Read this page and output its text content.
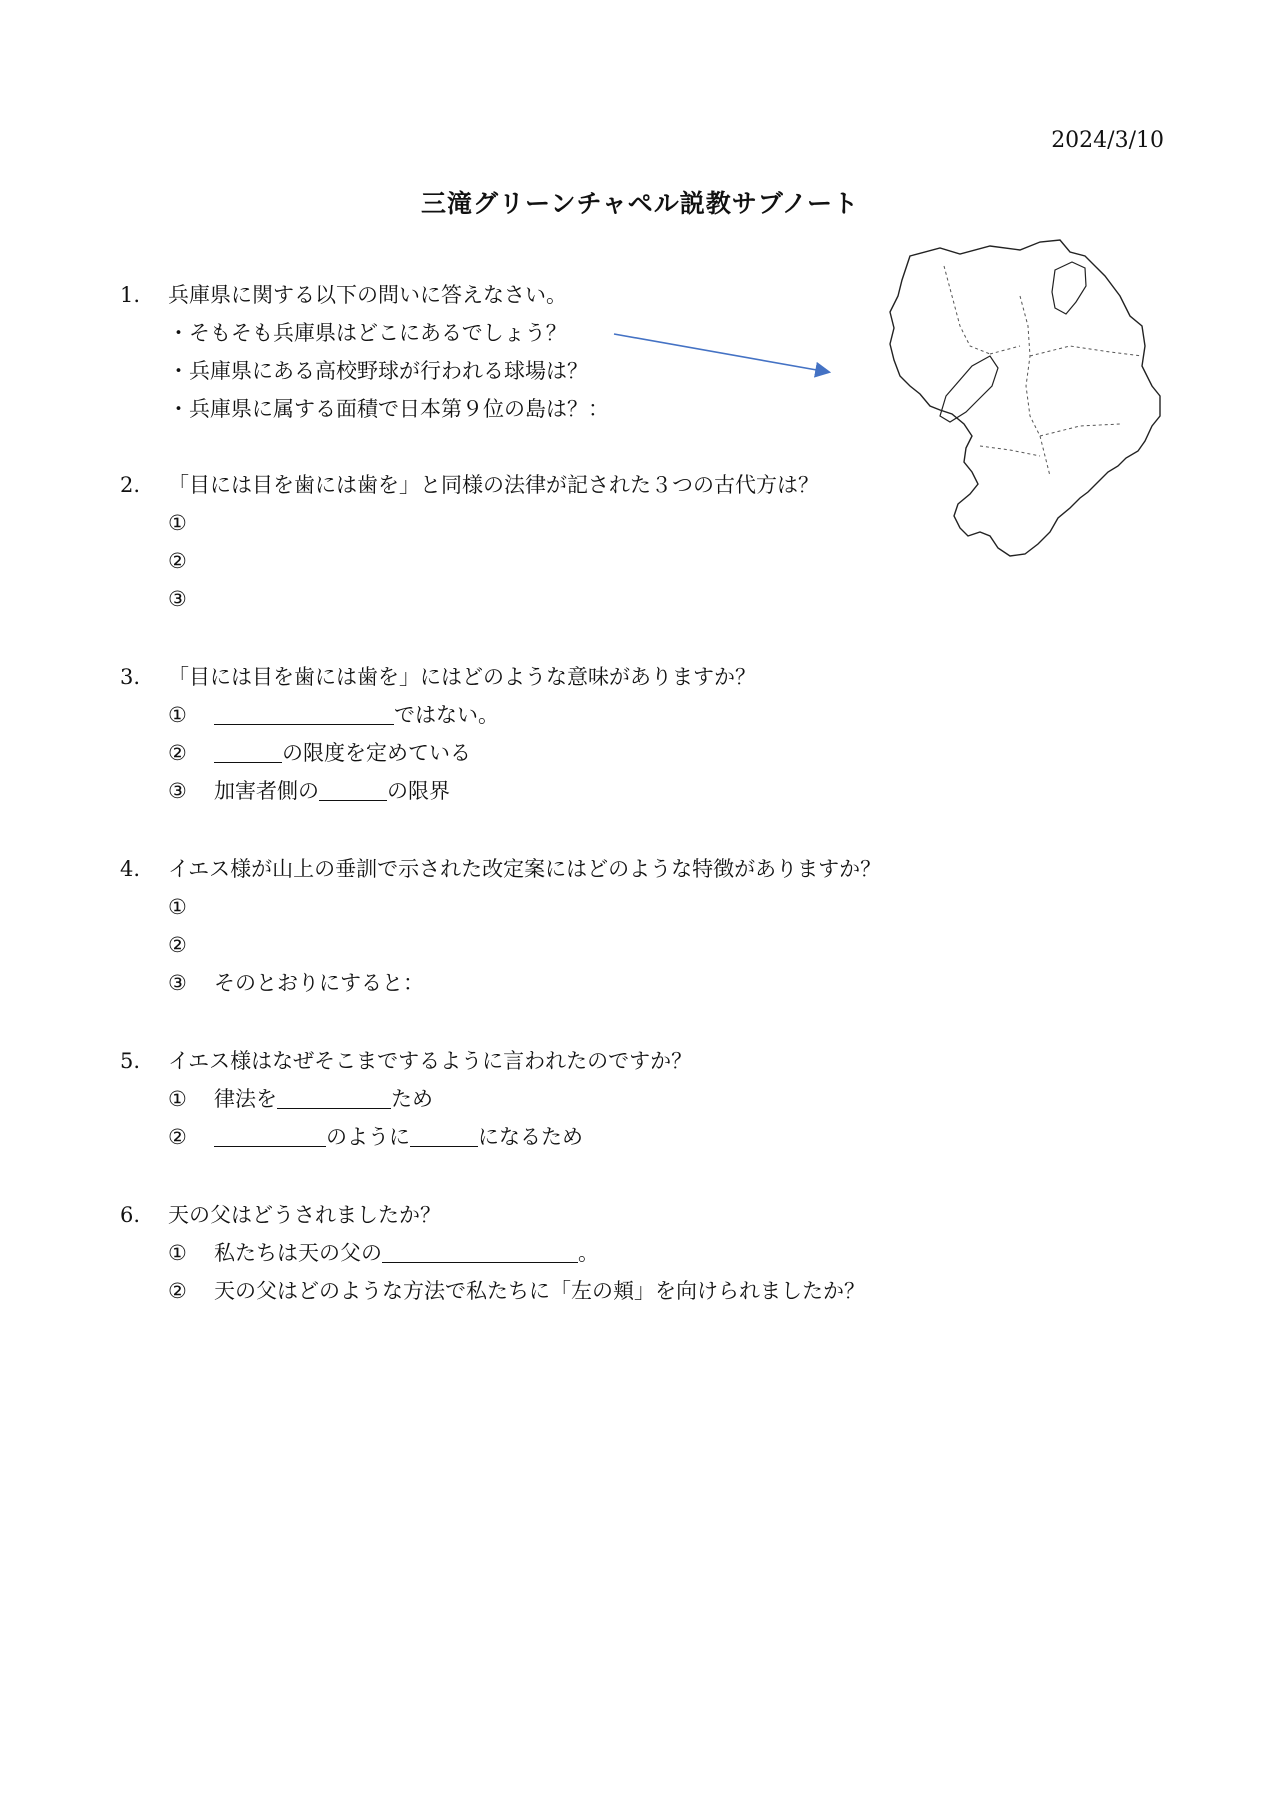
2024/3/10
三滝グリーンチャペル説教サブノート
1. 兵庫県に関する以下の問いに答えなさい。
・そもそも兵庫県はどこにあるでしょう？
・兵庫県にある高校野球が行われる球場は？
・兵庫県に属する面積で日本第９位の島は？：
2. 「目には目を歯には歯を」と同様の法律が記された３つの古代方は？
①
②
③
3. 「目には目を歯には歯を」にはどのような意味がありますか？
①	ではない。
②	の限度を定めている
③ 加害者側の	の限界
4. イエス様が山上の垂訓で示された改定案にはどのような特徴がありますか？
①
②
③ そのとおりにすると：
5. イエス様はなぜそこまでするように言われたのですか？
① 律法を	ため
②	のように	になるため
6. 天の父はどうされましたか？
① 私たちは天の父の	。
② 天の父はどのような方法で私たちに「左の頬」を向けられましたか？
